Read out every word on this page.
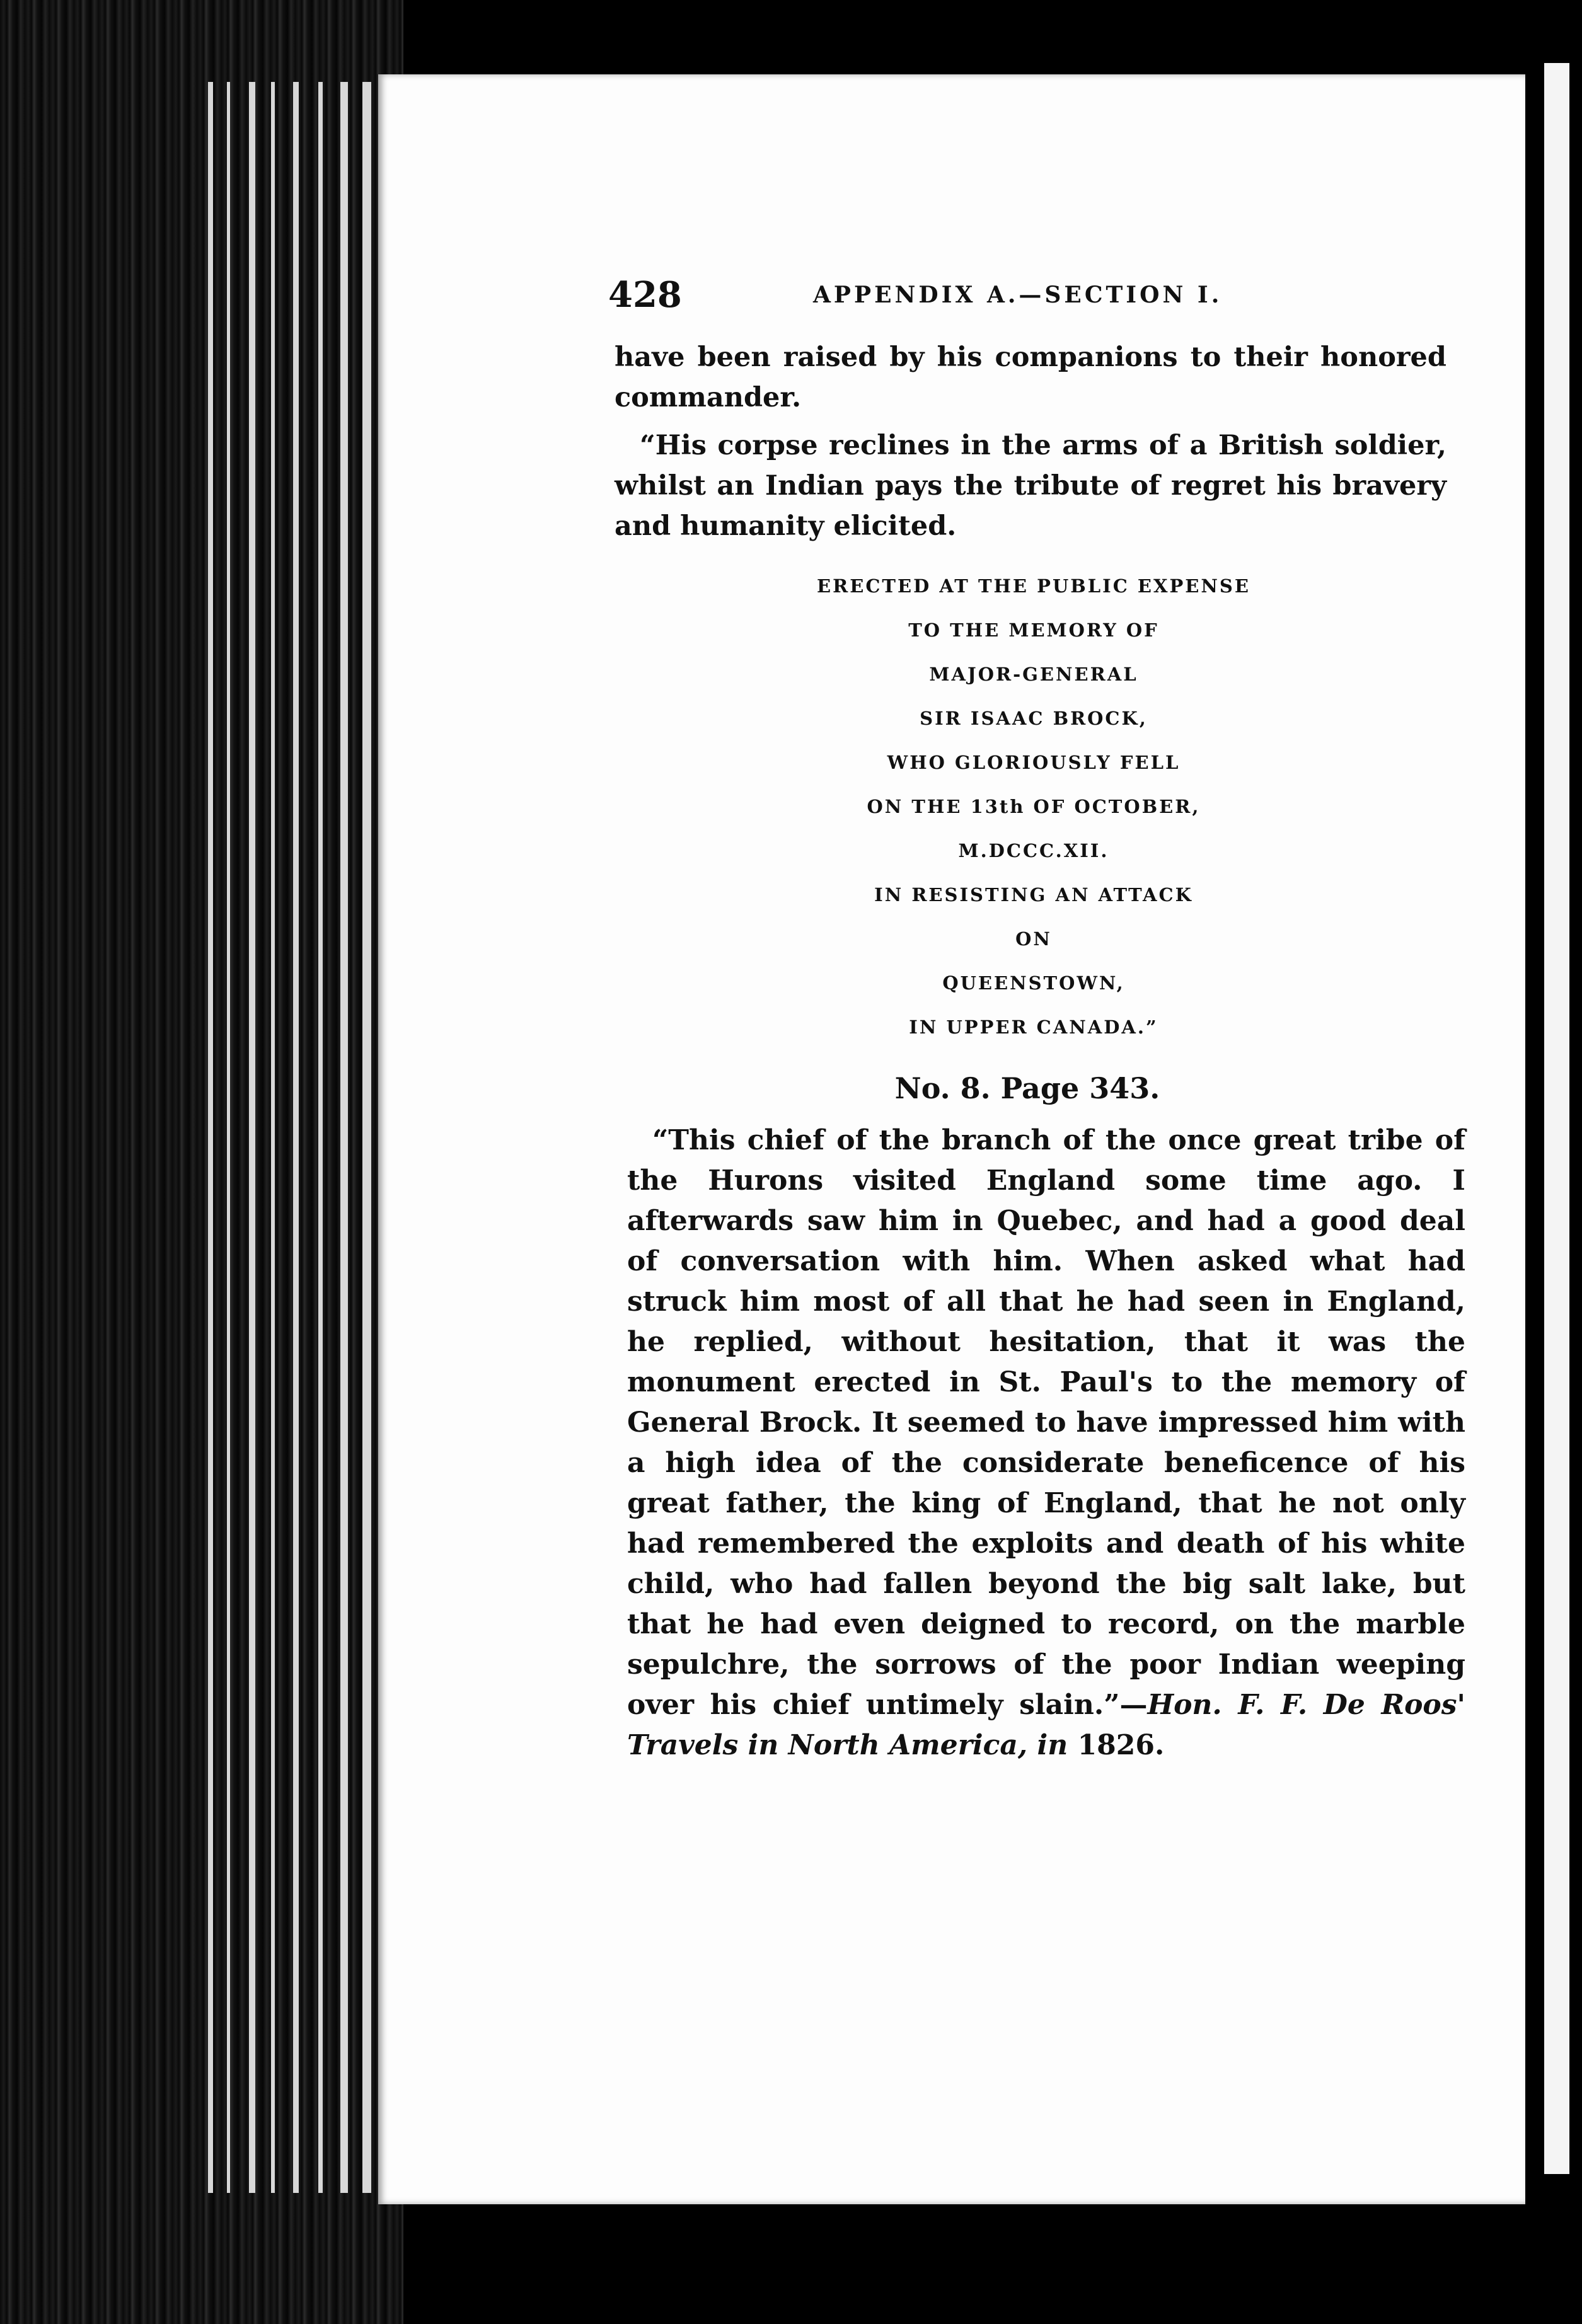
428	APPENDIX A.—SECTION I.
have been raised by his companions to their honored commander.
“His corpse reclines in the arms of a British soldier, whilst an Indian pays the tribute of regret his bravery and humanity elicited.
ERECTED AT THE PUBLIC EXPENSE
TO THE MEMORY OF
MAJOR-GENERAL
SIR ISAAC BROCK,
WHO GLORIOUSLY FELL
ON THE 13th OF OCTOBER,
M.DCCC.XII.
IN RESISTING AN ATTACK
ON
QUEENSTOWN,
IN UPPER CANADA.”
No. 8. Page 343.
“This chief of the branch of the once great tribe of the Hurons visited England some time ago. I afterwards saw him in Quebec, and had a good deal of conversation with him. When asked what had struck him most of all that he had seen in England, he replied, without hesitation, that it was the monument erected in St. Paul's to the memory of General Brock. It seemed to have impressed him with a high idea of the considerate beneficence of his great father, the king of England, that he not only had remembered the exploits and death of his white child, who had fallen beyond the big salt lake, but that he had even deigned to record, on the marble sepulchre, the sorrows of the poor Indian weeping over his chief untimely slain.”—Hon. F. F. De Roos' Travels in North America, in 1826.
